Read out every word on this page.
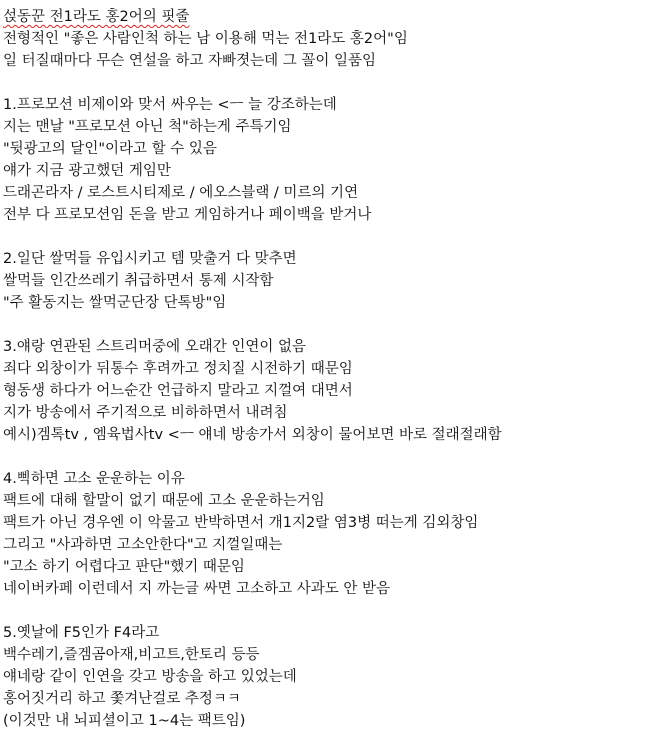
섡동꾼 전1라도 홍2어의 핏줄
전형적인 "좋은 사람인척 하는 남 이용해 먹는 전1라도 홍2어"임
일 터질때마다 무슨 연설을 하고 자빠졋는데 그 꼴이 일품임
1.프로모션 비제이와 맞서 싸우는 <ㅡ 늘 강조하는데
지는 맨날 "프로모션 아닌 척"하는게 주특기임
"뒷광고의 달인"이라고 할 수 있음
얘가 지금 광고했던 게임만
드래곤라자 / 로스트시티제로 / 에오스블랙 / 미르의 기연
전부 다 프로모션임 돈을 받고 게임하거나 페이백을 받거나
2.일단 쌀먹들 유입시키고 템 맞출거 다 맞추면
쌀먹들 인간쓰레기 취급하면서 통제 시작함
"주 활동지는 쌀먹군단장 단톡방"임
3.얘랑 연관된 스트리머중에 오래간 인연이 없음
죄다 외창이가 뒤통수 후려까고 정치질 시전하기 때문임
형동생 하다가 어느순간 언급하지 말라고 지껄여 대면서
지가 방송에서 주기적으로 비하하면서 내려침
예시)겜톡tv , 엠육법사tv <ㅡ 얘네 방송가서 외창이 물어보면 바로 절래절래함
4.삑하면 고소 운운하는 이유
팩트에 대해 할말이 없기 때문에 고소 운운하는거임
팩트가 아닌 경우엔 이 악물고 반박하면서 개1지2랄 염3병 떠는게 김외창임
그리고 "사과하면 고소안한다"고 지껄일때는
"고소 하기 어렵다고 판단"했기 때문임
네이버카페 이런데서 지 까는글 싸면 고소하고 사과도 안 받음
5.옛날에 F5인가 F4라고
백수레기,즐겜곰아재,비고트,한토리 등등
얘네랑 같이 인연을 갖고 방송을 하고 있었는데
홍어짓거리 하고 쫓겨난걸로 추정ㅋㅋ
(이것만 내 뇌피셜이고 1~4는 팩트임)
